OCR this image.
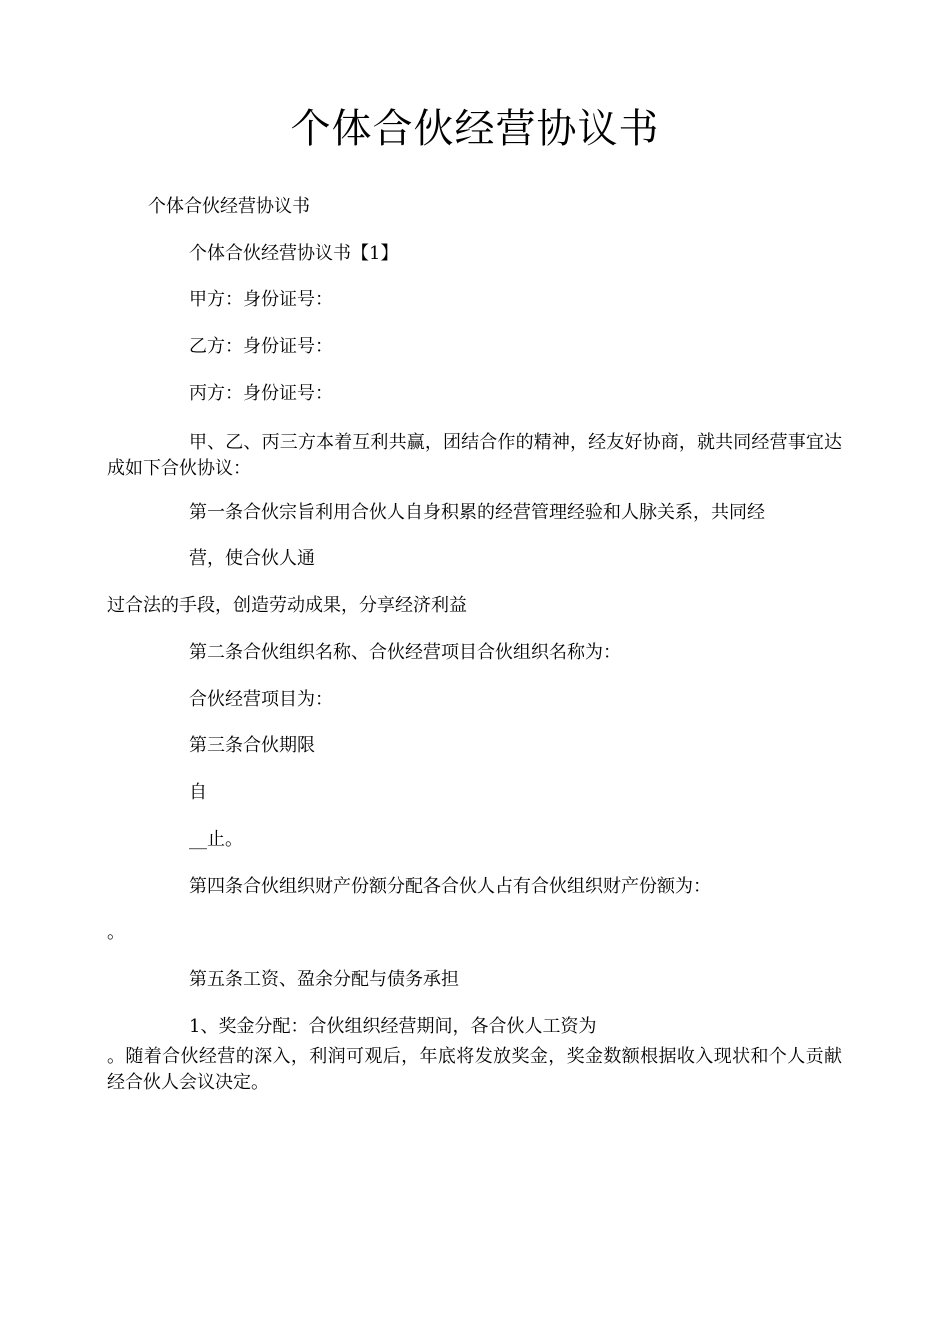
个体合伙经营协议书
个体合伙经营协议书
个体合伙经营协议书【1】
甲方：身份证号：
乙方：身份证号：
丙方：身份证号：
甲、乙、丙三方本着互利共赢，团结合作的精神，经友好协商，就共同经营事宜达成如下合伙协议：
第一条合伙宗旨利用合伙人自身积累的经营管理经验和人脉关系，共同经
营，使合伙人通
过合法的手段，创造劳动成果，分享经济利益
第二条合伙组织名称、合伙经营项目合伙组织名称为：
合伙经营项目为：
第三条合伙期限
自
__止。
第四条合伙组织财产份额分配各合伙人占有合伙组织财产份额为：
。
第五条工资、盈余分配与债务承担
1、奖金分配：合伙组织经营期间，各合伙人工资为
。随着合伙经营的深入，利润可观后，年底将发放奖金，奖金数额根据收入现状和个人贡献经合伙人会议决定。
